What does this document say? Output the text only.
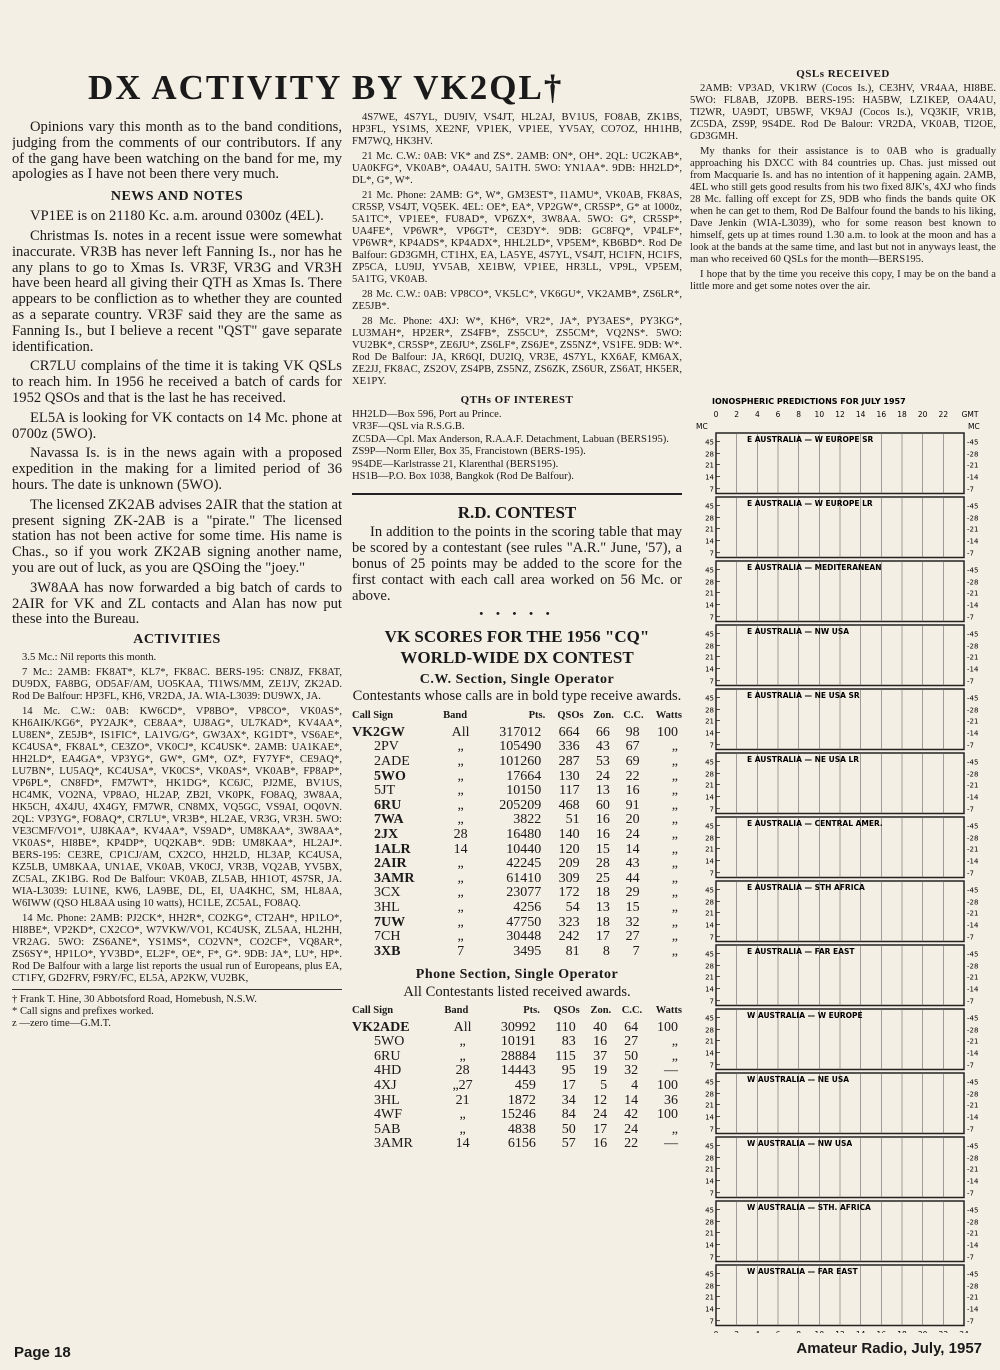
DX ACTIVITY BY VK2QL†

Opinions vary this month as to the band conditions, judging from the comments of our contributors. If any of the gang have been watching on the band for me, my apologies as I have not been there very much.

NEWS AND NOTES

VP1EE is on 21180 Kc. a.m. around 0300z (4EL).

Christmas Is. notes in a recent issue were somewhat inaccurate. VR3B has never left Fanning Is., nor has he any plans to go to Xmas Is. VR3F, VR3G and VR3H have been heard all giving their QTH as Xmas Is. There appears to be confliction as to whether they are counted as a separate country. VR3F said they are the same as Fanning Is., but I believe a recent "QST" gave separate identification.

CR7LU complains of the time it is taking VK QSLs to reach him. In 1956 he received a batch of cards for 1952 QSOs and that is the last he has received.

EL5A is looking for VK contacts on 14 Mc. phone at 0700z (5WO).

Navassa Is. is in the news again with a proposed expedition in the making for a limited period of 36 hours. The date is unknown (5WO).

The licensed ZK2AB advises 2AIR that the station at present signing ZK-2AB is a "pirate." The licensed station has not been active for some time. His name is Chas., so if you work ZK2AB signing another name, you are out of luck, as you are QSOing the "joey."

3W8AA has now forwarded a big batch of cards to 2AIR for VK and ZL contacts and Alan has now put these into the Bureau.

ACTIVITIES

3.5 Mc.: Nil reports this month.

7 Mc.: 2AMB: FK8AT*, KL7*, FK8AC. BERS-195: CN8JZ, FK8AT, DU9DX, FA8BG, OD5AF/AM, UO5KAA, TI1WS/MM, ZE1JV, ZK2AD. Rod De Balfour: HP3FL, KH6, VR2DA, JA. WIA-L3039: DU9WX, JA.

14 Mc. C.W.: 0AB: KW6CD*, VP8BO*, VP8CO*, VK0AS*, KH6AIK/KG6*, PY2AJK*, CE8AA*, UJ8AG*, UL7KAD*, KV4AA*, LU8EN*, ZE5JB*, IS1FIC*, LA1VG/G*, GW3AX*, KG1DT*, VS6AE*, KC4USA*, FK8AL*, CE3ZO*, VK0CJ*, KC4USK*. 2AMB: UA1KAE*, HH2LD*, EA4GA*, VP3YG*, GW*, GM*, OZ*, FY7YF*, CE9AQ*, LU7BN*, LU5AQ*, KC4USA*, VK0CS*, VK0AS*, VK0AB*, FP8AP*, VP6PL*, CN8FD*, FM7WT*, HK1DG*, KC6JC, PJ2ME, BV1US, HC4MK, VO2NA, VP8AO, HL2AP, ZB2I, VK0PK, FO8AQ, 3W8AA, HK5CH, 4X4JU, 4X4GY, FM7WR, CN8MX, VQ5GC, VS9AI, OQ0VN. 2QL: VP3YG*, FO8AQ*, CR7LU*, VR3B*, HL2AE, VR3G, VR3H. 5WO: VE3CMF/VO1*, UJ8KAA*, KV4AA*, VS9AD*, UM8KAA*, 3W8AA*, VK0AS*, HI8BE*, KP4DP*, UQ2KAB*. 9DB: UM8KAA*, HL2AJ*. BERS-195: CE3RE, CP1CJ/AM, CX2CO, HH2LD, HL3AP, KC4USA, KZ5LB, UM8KAA, UN1AE, VK0AB, VK0CJ, VR3B, VQ2AB, YV5BX, ZC5AL, ZK1BG. Rod De Balfour: VK0AB, ZL5AB, HH1OT, 4S7SR, JA. WIA-L3039: LU1NE, KW6, LA9BE, DL, EI, UA4KHC, SM, HL8AA, W6IWW (QSO HL8AA using 10 watts), HC1LE, ZC5AL, FO8AQ.

14 Mc. Phone: 2AMB: PJ2CK*, HH2R*, CO2KG*, CT2AH*, HP1LO*, HI8BE*, VP2KD*, CX2CO*, W7VKW/VO1, KC4USK, ZL5AA, HL2HH, VR2AG. 5WO: ZS6ANE*, YS1MS*, CO2VN*, CO2CF*, VQ8AR*, ZS6SY*, HP1LO*, YV3BD*, EL2F*, OE*, F*, G*. 9DB: JA*, LU*, HP*. Rod De Balfour with a large list reports the usual run of Europeans, plus EA, CT1FY, GD2FRV, F9RY/FC, EL5A, AP2KW, VU2BK,

† Frank T. Hine, 30 Abbotsford Road, Homebush, N.S.W.
* Call signs and prefixes worked.
z —zero time—G.M.T.

4S7WE, 4S7YL, DU9IV, VS4JT, HL2AJ, BV1US, FO8AB, ZK1BS, HP3FL, YS1MS, XE2NF, VP1EK, VP1EE, YV5AY, CO7OZ, HH1HB, FM7WQ, HK3HV.

21 Mc. C.W.: 0AB: VK* and ZS*. 2AMB: ON*, OH*. 2QL: UC2KAB*, UA0KFG*, VK0AB*, OA4AU, 5A1TH. 5WO: YN1AA*. 9DB: HH2LD*, DL*, G*, W*.

21 Mc. Phone: 2AMB: G*, W*, GM3EST*, I1AMU*, VK0AB, FK8AS, CR5SP, VS4JT, VQ5EK. 4EL: OE*, EA*, VP2GW*, CR5SP*, G* at 1000z, 5A1TC*, VP1EE*, FU8AD*, VP6ZX*, 3W8AA. 5WO: G*, CR5SP*, UA4FE*, VP6WR*, VP6GT*, CE3DY*. 9DB: GC8FQ*, VP4LF*, VP6WR*, KP4ADS*, KP4ADX*, HHL2LD*, VP5EM*, KB6BD*. Rod De Balfour: GD3GMH, CT1HX, EA, LA5YE, 4S7YL, VS4JT, HC1FN, HC1FS, ZP5CA, LU9IJ, YV5AB, XE1BW, VP1EE, HR3LL, VP9L, VP5EM, 5A1TG, VK0AB.

28 Mc. C.W.: 0AB: VP8CO*, VK5LC*, VK6GU*, VK2AMB*, ZS6LR*, ZE5JB*.

28 Mc. Phone: 4XJ: W*, KH6*, VR2*, JA*, PY3AES*, PY3KG*, LU3MAH*, HP2ER*, ZS4FB*, ZS5CU*, ZS5CM*, VQ2NS*. 5WO: VU2BK*, CR5SP*, ZE6JU*, ZS6LF*, ZS6JE*, ZS5NZ*, VS1FE. 9DB: W*. Rod De Balfour: JA, KR6QI, DU2IQ, VR3E, 4S7YL, KX6AF, KM6AX, ZE2JJ, FK8AC, ZS2OV, ZS4PB, ZS5NZ, ZS6ZK, ZS6UR, ZS6AT, HK5ER, XE1PY.

QTHs OF INTEREST
HH2LD—Box 596, Port au Prince.
VR3F—QSL via R.S.G.B.
ZC5DA—Cpl. Max Anderson, R.A.A.F. Detachment, Labuan (BERS195).
ZS9P—Norm Eller, Box 35, Francistown (BERS-195).
9S4DE—Karlstrasse 21, Klarenthal (BERS195).
HS1B—P.O. Box 1038, Bangkok (Rod De Balfour).
R.D. CONTEST

In addition to the points in the scoring table that may be scored by a contestant (see rules "A.R." June, '57), a bonus of 25 points may be added to the score for the first contact with each call area worked on 56 Mc. or above.

• • • • •
VK SCORES FOR THE 1956 "CQ" WORLD-WIDE DX CONTEST
C.W. Section, Single Operator
Contestants whose calls are in bold type receive awards.
Call Sign	Band	Pts.	QSOs	Zon.	C.C.	Watts
VK2GW	All	317012	664	66	98	100
2PV	„	105490	336	43	67	„
2ADE	„	101260	287	53	69	„
5WO	„	17664	130	24	22	„
5JT	„	10150	117	13	16	„
6RU	„	205209	468	60	91	„
7WA	„	3822	51	16	20	„
2JX	28	16480	140	16	24	„
1ALR	14	10440	120	15	14	„
2AIR	„	42245	209	28	43	„
3AMR	„	61410	309	25	44	„
3CX	„	23077	172	18	29	„
3HL	„	4256	54	13	15	„
7UW	„	47750	323	18	32	„
7CH	„	30448	242	17	27	„
3XB	7	3495	81	8	7	„
Phone Section, Single Operator
All Contestants listed received awards.
Call Sign	Band	Pts.	QSOs	Zon.	C.C.	Watts
VK2ADE	All	30992	110	40	64	100
5WO	„	10191	83	16	27	„
6RU	„	28884	115	37	50	„
4HD	28	14443	95	19	32	—
4XJ	„27	459	17	5	4	100
3HL	21	1872	34	12	14	36
4WF	„	15246	84	24	42	100
5AB	„	4838	50	17	24	„
3AMR	14	6156	57	16	22	—
QSLs RECEIVED

2AMB: VP3AD, VK1RW (Cocos Is.), CE3HV, VR4AA, HI8BE. 5WO: FL8AB, JZ0PB. BERS-195: HA5BW, LZ1KEP, OA4AU, TI2WR, UA9DT, UB5WF, VK9AJ (Cocos Is.), VQ3KIF, VR1B, ZC5DA, ZS9P, 9S4DE. Rod De Balour: VR2DA, VK0AB, TI2OE, GD3GMH.

My thanks for their assistance is to 0AB who is gradually approaching his DXCC with 84 countries up. Chas. just missed out from Macquarie Is. and has no intention of it happening again. 2AMB, 4EL who still gets good results from his two fixed 8JK's, 4XJ who finds 28 Mc. falling off except for ZS, 9DB who finds the bands quite OK when he can get to them, Rod De Balfour found the bands to his liking, Dave Jenkin (WIA-L3039), who for some reason best known to himself, gets up at times round 1.30 a.m. to look at the moon and has a look at the bands at the same time, and last but not in anyways least, the man who received 60 QSLs for the month—BERS195.

I hope that by the time you receive this copy, I may be on the band a little more and get some notes over the air.

IONOSPHERIC PREDICTIONS FOR JULY 1957
0 2 4 6 8 10 12 14 16 18 20 22 GMT
MC	MC
E AUSTRALIA — W EUROPE SR
45	-45
28	-28
21	-21
14	-14
7	-7
E AUSTRALIA — W EUROPE LR
45	-45
28	-28
21	-21
14	-14
7	-7
E AUSTRALIA — MEDITERANEAN
45	-45
28	-28
21	-21
14	-14
7	-7
E AUSTRALIA — NW USA
45	-45
28	-28
21	-21
14	-14
7	-7
E AUSTRALIA — NE USA SR
45	-45
28	-28
21	-21
14	-14
7	-7
E AUSTRALIA — NE USA LR
45	-45
28	-28
21	-21
14	-14
7	-7
E AUSTRALIA — CENTRAL AMER.
45	-45
28	-28
21	-21
14	-14
7	-7
E AUSTRALIA — STH AFRICA
45	-45
28	-28
21	-21
14	-14
7	-7
E AUSTRALIA — FAR EAST
45	-45
28	-28
21	-21
14	-14
7	-7
W AUSTRALIA — W EUROPE
45	-45
28	-28
21	-21
14	-14
7	-7
W AUSTRALIA — NE USA
45	-45
28	-28
21	-21
14	-14
7	-7
W AUSTRALIA — NW USA
45	-45
28	-28
21	-21
14	-14
7	-7
W AUSTRALIA — STH. AFRICA
45	-45
28	-28
21	-21
14	-14
7	-7
W AUSTRALIA — FAR EAST
45	-45
28	-28
21	-21
14	-14
7	-7
Page 18	Amateur Radio, July, 1957
